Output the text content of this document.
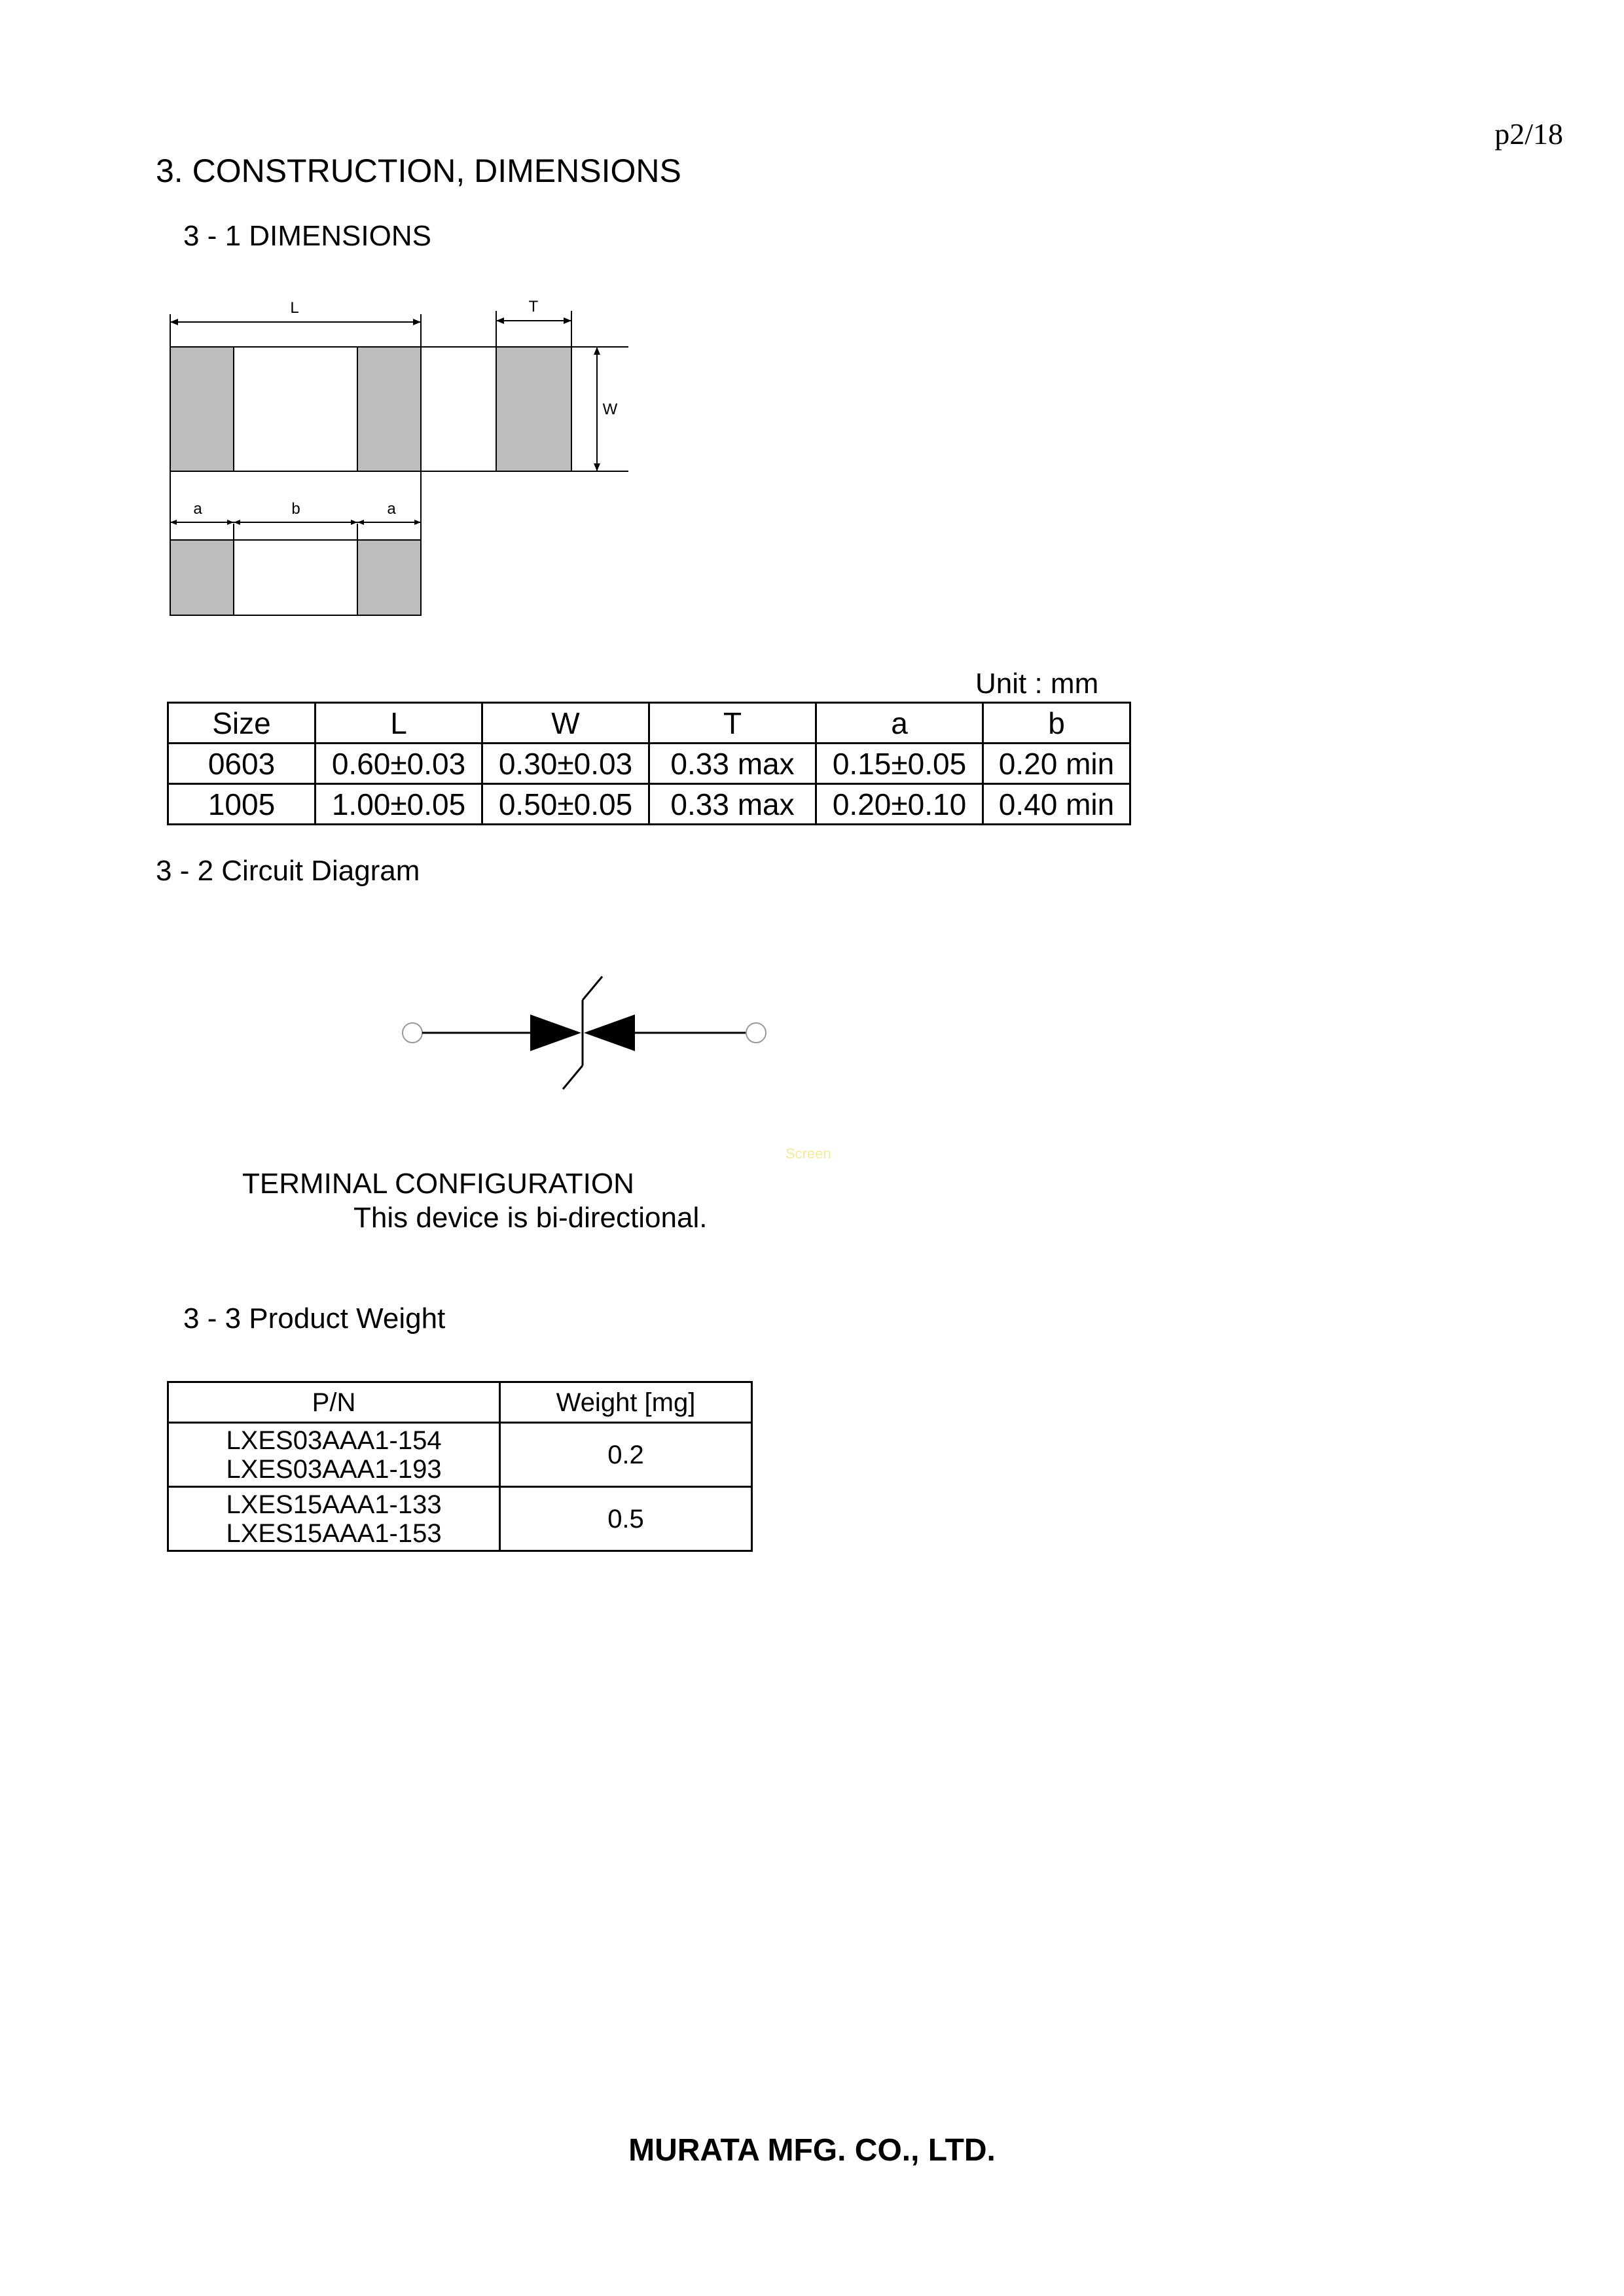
p2/18
3. CONSTRUCTION, DIMENSIONS
3 - 1 DIMENSIONS
L	T
W
a	b	a
Unit : mm
Size	L	W	T	a	b
0603	0.60±0.03	0.30±0.03	0.33 max	0.15±0.05	0.20 min
1005	1.00±0.05	0.50±0.05	0.33 max	0.20±0.10	0.40 min
3 - 2 Circuit Diagram
Screen
TERMINAL CONFIGURATION
This device is bi-directional.
3 - 3 Product Weight
P/N	Weight [mg]

LXES03AAA1-154
LXES03AAA1-193	0.2

LXES15AAA1-133
LXES15AAA1-153	0.5
MURATA MFG. CO., LTD.
